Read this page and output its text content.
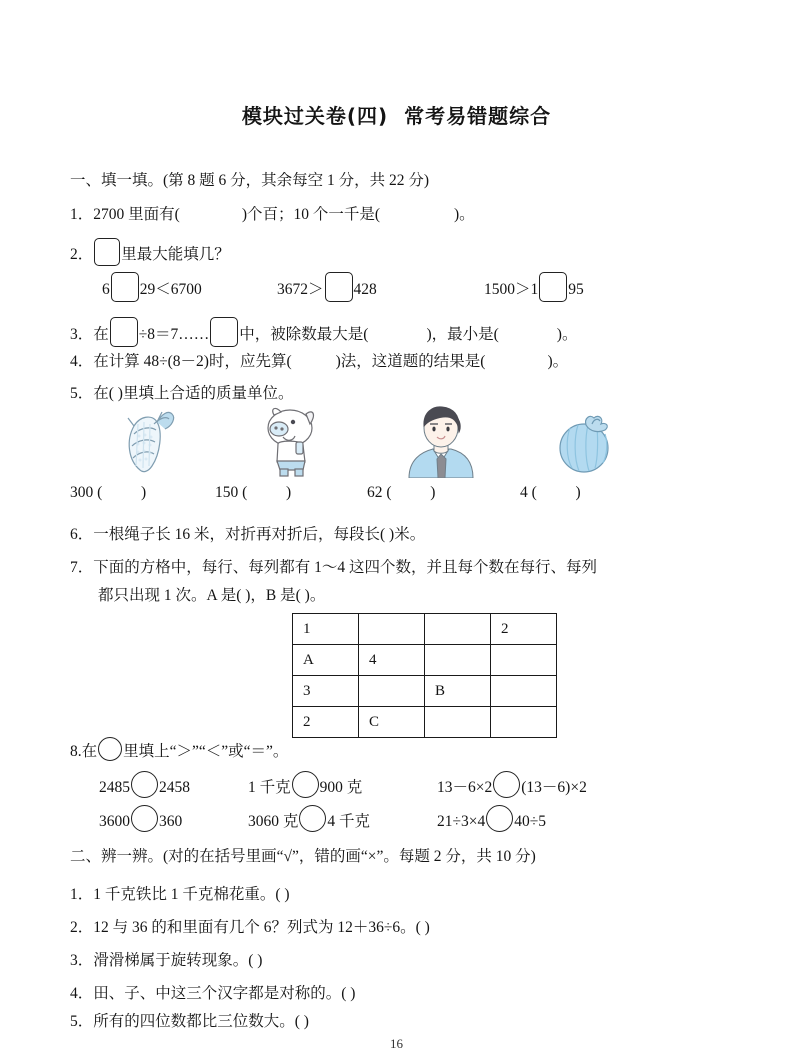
模块过关卷(四) 常考易错题综合
一、填一填。(第 8 题 6 分，其余每空 1 分，共 22 分)
1．2700 里面有(	)个百；10 个一千是(	)。
2． 里最大能填几？
6 29＜6700	3672＞ 428	1500＞1 95
3．在 ÷8＝7…… 中，被除数最大是(	)，最小是(	)。
4．在计算 48÷(8－2)时，应先算(	)法，这道题的结果是(	)。
5．在( )里填上合适的质量单位。
300 (          )	150 (          )	62 (          )	4 (          )
6．一根绳子长 16 米，对折再对折后，每段长( )米。
7．下面的方格中，每行、每列都有 1～4 这四个数，并且每个数在每行、每列
都只出现 1 次。A 是( )，B 是( )。
1			2
A	4		
3		B	
2	C		
8.在 里填上“＞”“＜”或“＝”。
2485 2458	1 千克 900 克	13－6×2 (13－6)×2
3600 360	3060 克 4 千克	21÷3×4 40÷5
二、辨一辨。(对的在括号里画“√”，错的画“×”。每题 2 分，共 10 分)
1．1 千克铁比 1 千克棉花重。( )
2．12 与 36 的和里面有几个 6？列式为 12＋36÷6。( )
3．滑滑梯属于旋转现象。( )
4．田、子、中这三个汉字都是对称的。( )
5．所有的四位数都比三位数大。( )
16
